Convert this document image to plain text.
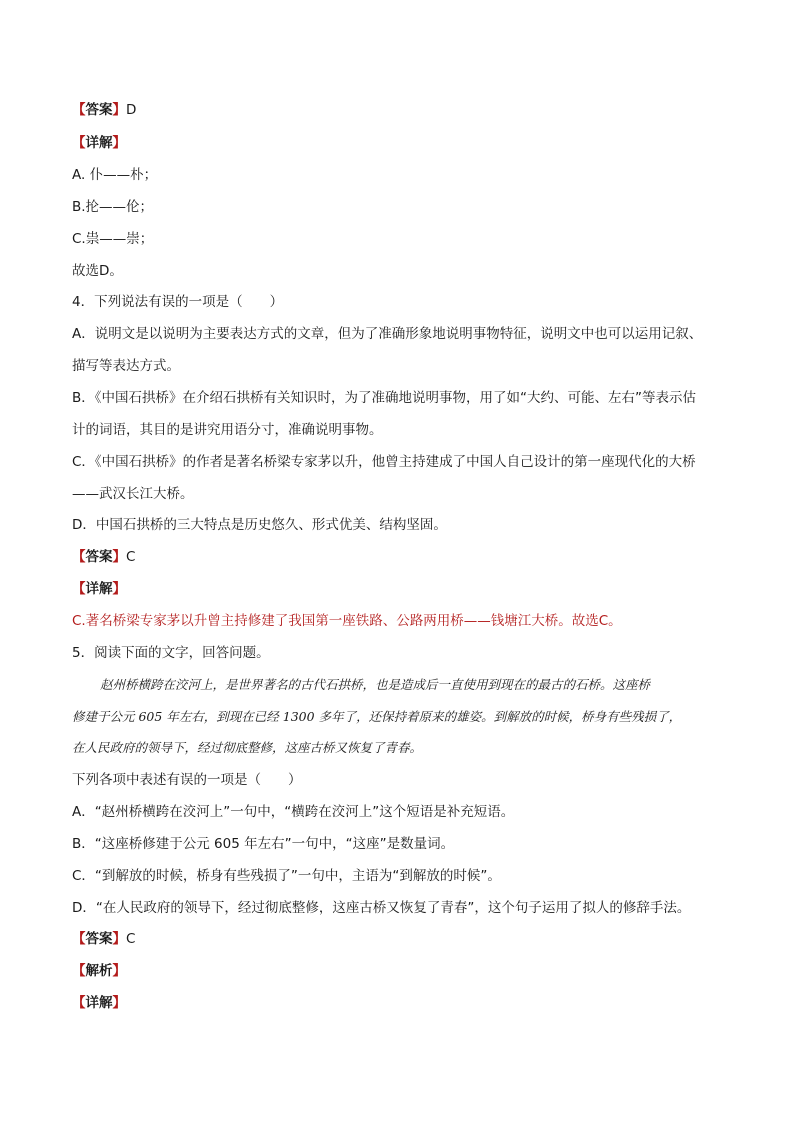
【答案】D
【详解】
A. 仆——朴；
B.抡——伦；
C.祟——崇；
故选D。
4．下列说法有误的一项是（　　）
A．说明文是以说明为主要表达方式的文章，但为了准确形象地说明事物特征，说明文中也可以运用记叙、
描写等表达方式。
B．《中国石拱桥》在介绍石拱桥有关知识时，为了准确地说明事物，用了如“大约、可能、左右”等表示估
计的词语，其目的是讲究用语分寸，准确说明事物。
C．《中国石拱桥》的作者是著名桥梁专家茅以升，他曾主持建成了中国人自己设计的第一座现代化的大桥
——武汉长江大桥。
D．中国石拱桥的三大特点是历史悠久、形式优美、结构坚固。
【答案】C
【详解】
C.著名桥梁专家茅以升曾主持修建了我国第一座铁路、公路两用桥——钱塘江大桥。故选C。
5．阅读下面的文字，回答问题。
赵州桥横跨在洨河上，是世界著名的古代石拱桥，也是造成后一直使用到现在的最古的石桥。这座桥
修建于公元 605 年左右，到现在已经 1300 多年了，还保持着原来的雄姿。到解放的时候，桥身有些残损了，
在人民政府的领导下，经过彻底整修，这座古桥又恢复了青春。
下列各项中表述有误的一项是（　　）
A．“赵州桥横跨在洨河上”一句中，“横跨在洨河上”这个短语是补充短语。
B．“这座桥修建于公元 605 年左右”一句中，“这座”是数量词。
C．“到解放的时候，桥身有些残损了”一句中，主语为“到解放的时候”。
D．“在人民政府的领导下，经过彻底整修，这座古桥又恢复了青春”，这个句子运用了拟人的修辞手法。
【答案】C
【解析】
【详解】
